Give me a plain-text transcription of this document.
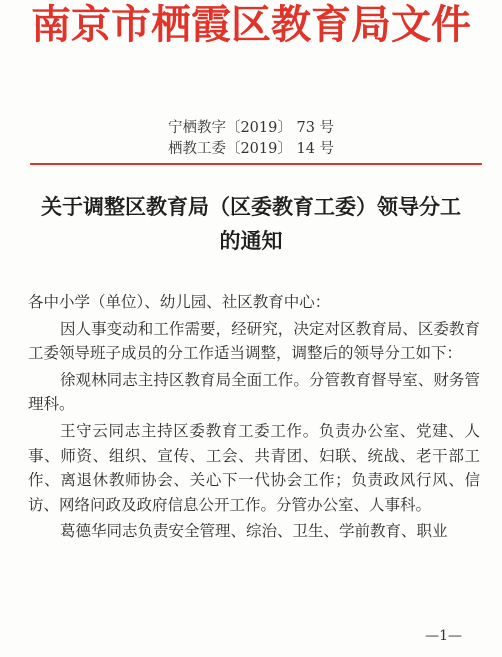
南京市栖霞区教育局文件
宁栖教字〔2019〕 73 号
栖教工委〔2019〕 14 号
关于调整区教育局（区委教育工委）领导分工
的通知

各中小学（单位）、幼儿园、社区教育中心：

因人事变动和工作需要，经研究，决定对区教育局、区委教育工委领导班子成员的分工作适当调整，调整后的领导分工如下：

徐观林同志主持区教育局全面工作。分管教育督导室、财务管理科。

王守云同志主持区委教育工委工作。负责办公室、党建、人事、师资、组织、宣传、工会、共青团、妇联、统战、老干部工作、离退休教师协会、关心下一代协会工作；负责政风行风、信访、网络问政及政府信息公开工作。分管办公室、人事科。

葛德华同志负责安全管理、综治、卫生、学前教育、职业

—1—
